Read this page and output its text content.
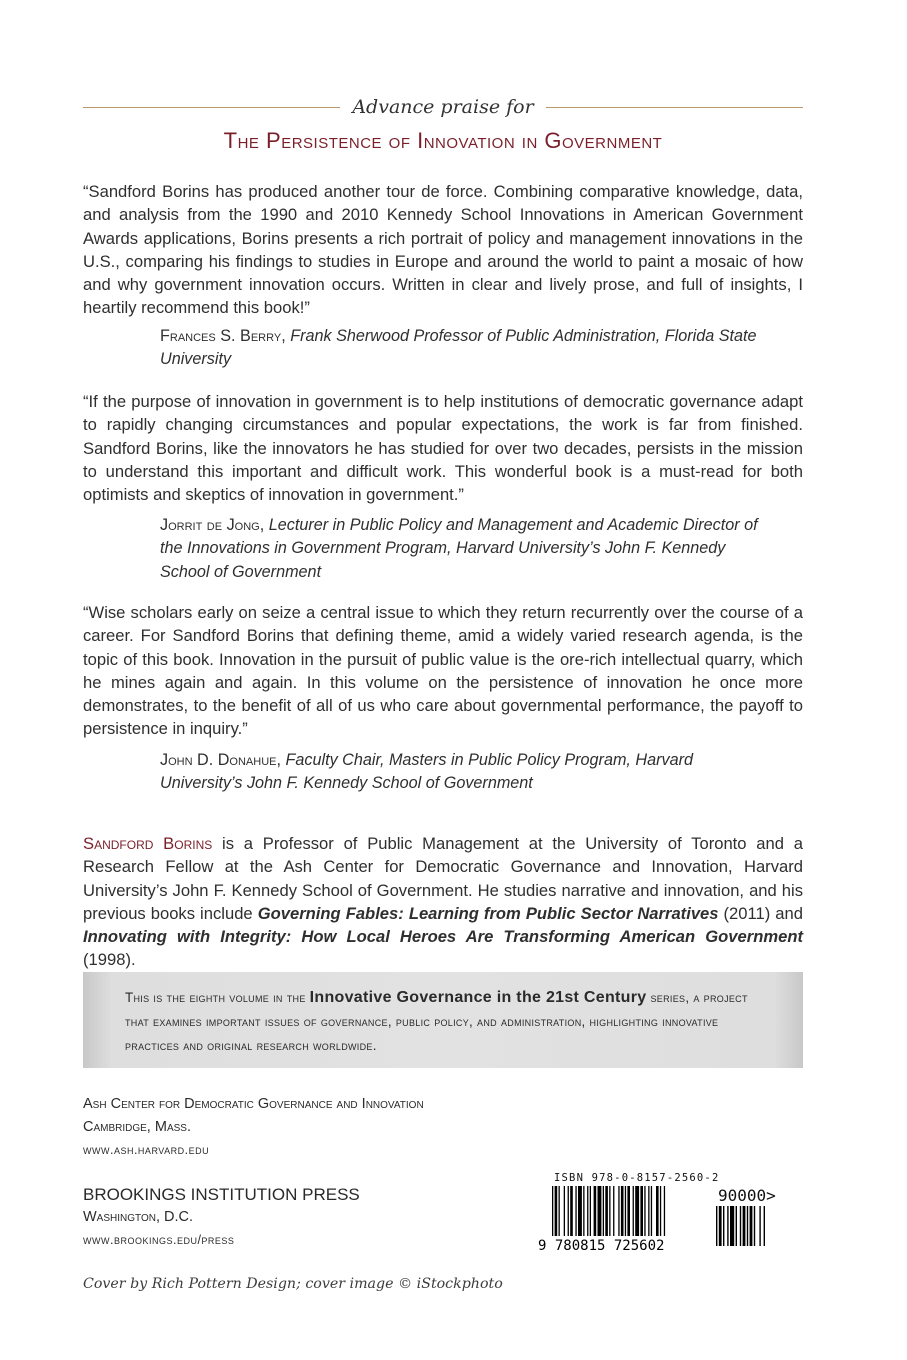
Advance praise for
The Persistence of Innovation in Government
“Sandford Borins has produced another tour de force. Combining comparative knowledge, data, and analysis from the 1990 and 2010 Kennedy School Innovations in American Government Awards applications, Borins presents a rich portrait of policy and management innovations in the U.S., comparing his findings to studies in Europe and around the world to paint a mosaic of how and why government innovation occurs. Written in clear and lively prose, and full of insights, I heartily recommend this book!”
Frances S. Berry, Frank Sherwood Professor of Public Administration, Florida State University
“If the purpose of innovation in government is to help institutions of democratic governance adapt to rapidly changing circumstances and popular expectations, the work is far from finished. Sandford Borins, like the innovators he has studied for over two decades, persists in the mission to understand this important and difficult work. This wonderful book is a must-read for both optimists and skeptics of innovation in government.”
Jorrit de Jong, Lecturer in Public Policy and Management and Academic Director of the Innovations in Government Program, Harvard University’s John F. Kennedy School of Government
“Wise scholars early on seize a central issue to which they return recurrently over the course of a career. For Sandford Borins that defining theme, amid a widely varied research agenda, is the topic of this book. Innovation in the pursuit of public value is the ore-rich intellectual quarry, which he mines again and again. In this volume on the persistence of innovation he once more demonstrates, to the benefit of all of us who care about governmental performance, the payoff to persistence in inquiry.”
John D. Donahue, Faculty Chair, Masters in Public Policy Program, Harvard University’s John F. Kennedy School of Government
Sandford Borins is a Professor of Public Management at the University of Toronto and a Research Fellow at the Ash Center for Democratic Governance and Innovation, Harvard University’s John F. Kennedy School of Government. He studies narrative and innovation, and his previous books include Governing Fables: Learning from Public Sector Narratives (2011) and Innovating with Integrity: How Local Heroes Are Transforming American Government (1998).
This is the eighth volume in the Innovative Governance in the 21st Century series, a project that examines important issues of governance, public policy, and administration, highlighting innovative practices and original research worldwide.
Ash Center for Democratic Governance and Innovation
Cambridge, Mass.
www.ash.harvard.edu
BROOKINGS INSTITUTION PRESS
Washington, D.C.
www.brookings.edu/press
ISBN 978-0-8157-2560-2
90000>
9 780815 725602
Cover by Rich Pottern Design; cover image © iStockphoto
